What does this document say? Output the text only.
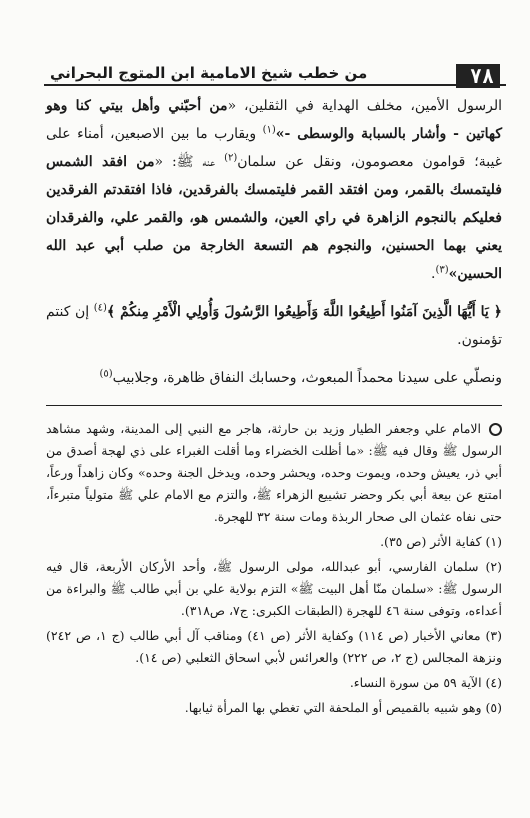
٧٨
من خطب شيخ الامامية ابن المتوج البحراني

الرسول الأمين، مخلف الهداية في الثقلين، «من أحبّني وأهل بيتي كنا وهو كهاتين - وأشار بالسبابة والوسطى -»$^{(١)}$ ويقارب ما بين الاصبعين، أمناء على غيبة؛ قوامون معصومون، ونقل عن سلمان$^{(٢)}$ عنه ﷺ: «من افقد الشمس فليتمسك بالقمر، ومن افتقد القمر فليتمسك بالفرقدين، فاذا افتقدتم الفرقدين فعليكم بالنجوم الزاهرة في راي العين، والشمس هو، والقمر علي، والفرقدان يعني بهما الحسنين، والنجوم هم التسعة الخارجة من صلب أبي عبد الله الحسين»$^{(٣)}$.

﴿ يَا أَيُّهَا الَّذِينَ آمَنُوا أَطِيعُوا اللَّهَ وَأَطِيعُوا الرَّسُولَ وَأُولِي الْأَمْرِ مِنكُمْ ﴾$^{(٤)}$ إن كنتم تؤمنون.

ونصلّي على سيدنا محمداً المبعوث، وحسابك النفاق ظاهرة، وجلابيب$^{(٥)}$

الامام علي وجعفر الطيار وزيد بن حارثة، هاجر مع النبي إلى المدينة، وشهد مشاهد الرسول ﷺ وقال فيه ﷺ: «ما أظلت الخضراء وما أقلت الغبراء على ذي لهجة أصدق من أبي ذر، يعيش وحده، ويموت وحده، ويحشر وحده، ويدخل الجنة وحده» وكان زاهداً ورعاً، امتنع عن بيعة أبي بكر وحضر تشييع الزهراء ﷺ، والتزم مع الامام علي ﷺ متولياً متبرءاً، حتى نفاه عثمان الى صحار الربذة ومات سنة ٣٢ للهجرة.

(١) كفاية الأثر (ص ٣٥).

(٢) سلمان الفارسي، أبو عبدالله، مولى الرسول ﷺ، وأحد الأركان الأربعة، قال فيه الرسول ﷺ: «سلمان منّا أهل البيت ﷺ» التزم بولاية علي بن أبي طالب ﷺ والبراءة من أعداءه، وتوفى سنة ٤٦ للهجرة (الطبقات الكبرى: ج٧، ص٣١٨).

(٣) معاني الأخبار (ص ١١٤) وكفاية الأثر (ص ٤١) ومناقب آل أبي طالب (ج ١، ص ٢٤٢) ونزهة المجالس (ج ٢، ص ٢٢٢) والعرائس لأبي اسحاق الثعلبي (ص ١٤).

(٤) الآية ٥٩ من سورة النساء.

(٥) وهو شبيه بالقميص أو الملحفة التي تغطي بها المرأة ثيابها.
